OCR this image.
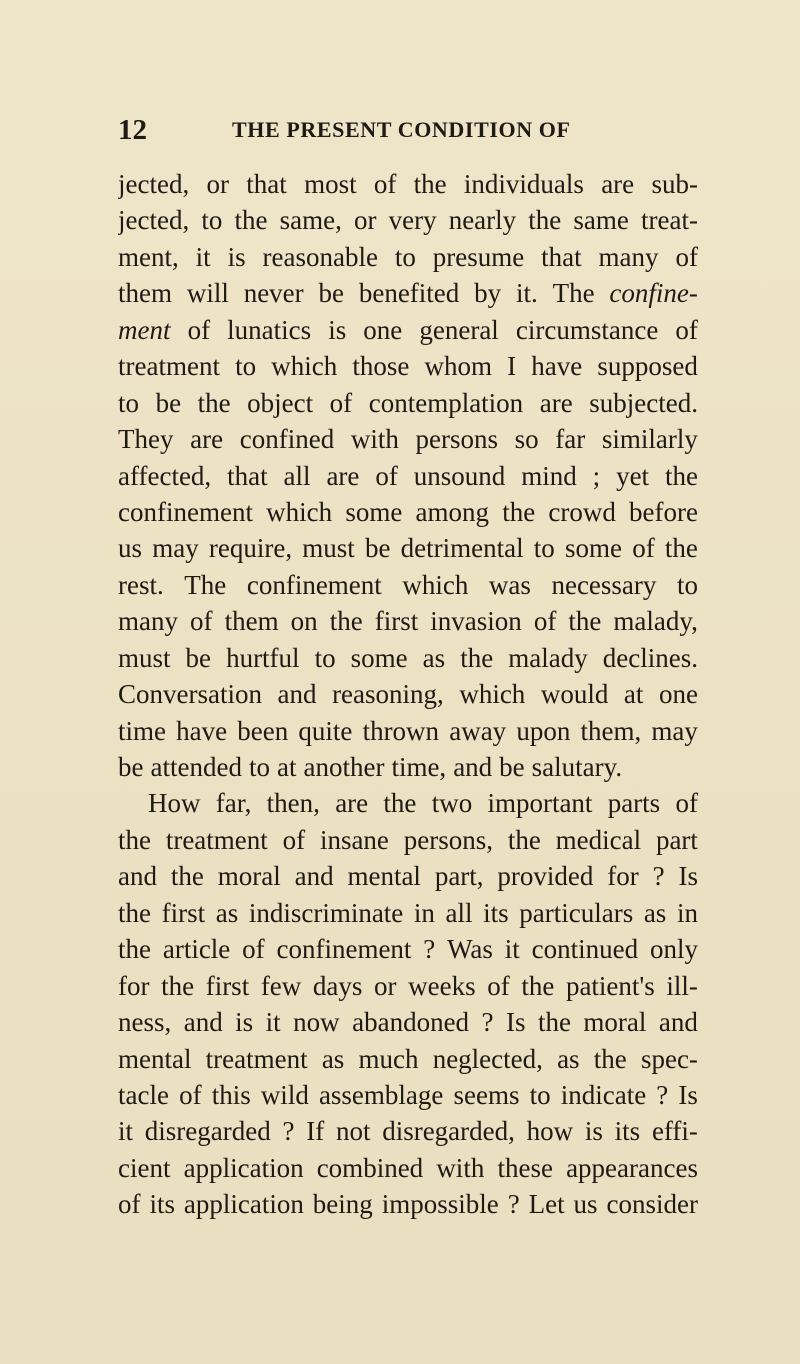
12	THE PRESENT CONDITION OF
jected, or that most of the individuals are sub-
jected, to the same, or very nearly the same treat-
ment, it is reasonable to presume that many of
them will never be benefited by it. The confine-
ment of lunatics is one general circumstance of
treatment to which those whom I have supposed
to be the object of contemplation are subjected.
They are confined with persons so far similarly
affected, that all are of unsound mind ; yet the
confinement which some among the crowd before
us may require, must be detrimental to some of the
rest. The confinement which was necessary to
many of them on the first invasion of the malady,
must be hurtful to some as the malady declines.
Conversation and reasoning, which would at one
time have been quite thrown away upon them, may
be attended to at another time, and be salutary.
How far, then, are the two important parts of
the treatment of insane persons, the medical part
and the moral and mental part, provided for ? Is
the first as indiscriminate in all its particulars as in
the article of confinement ? Was it continued only
for the first few days or weeks of the patient's ill-
ness, and is it now abandoned ? Is the moral and
mental treatment as much neglected, as the spec-
tacle of this wild assemblage seems to indicate ? Is
it disregarded ? If not disregarded, how is its effi-
cient application combined with these appearances
of its application being impossible ? Let us consider
